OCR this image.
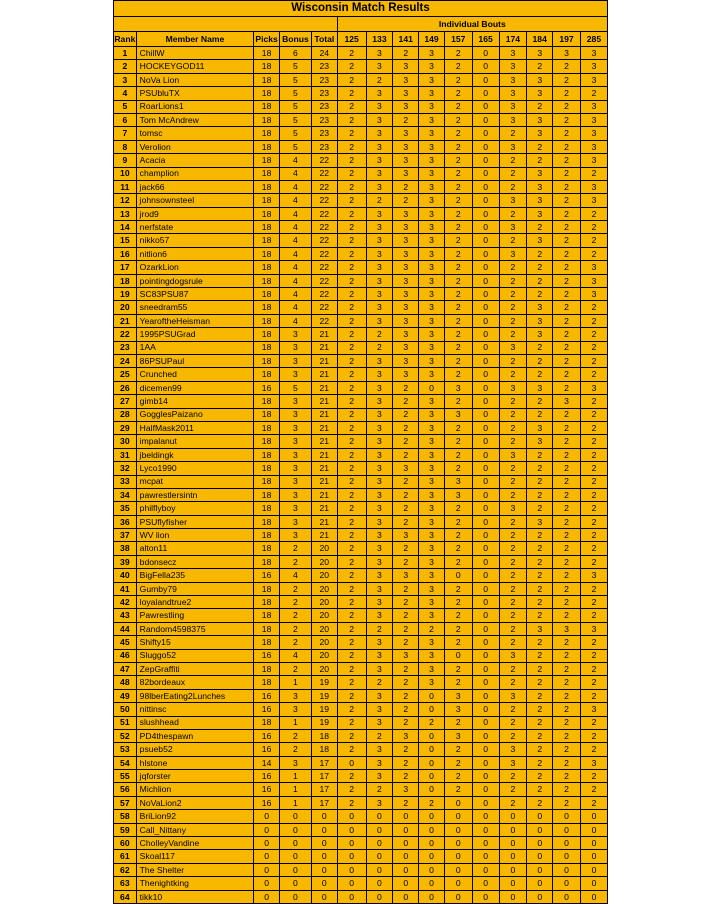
Wisconsin Match Results														
					Individual Bouts									
Rank	Member Name	Picks	Bonus	Total	125	133	141	149	157	165	174	184	197	285
1	ChillW	18	6	24	2	3	2	3	2	0	3	3	3	3
2	HOCKEYGOD11	18	5	23	2	3	3	3	2	0	3	2	2	3
3	NoVa Lion	18	5	23	2	2	3	3	2	0	3	3	2	3
4	PSUbluTX	18	5	23	2	3	3	3	2	0	3	3	2	2
5	RoarLions1	18	5	23	2	3	3	3	2	0	3	2	2	3
6	Tom McAndrew	18	5	23	2	3	2	3	2	0	3	3	2	3
7	tomsc	18	5	23	2	3	3	3	2	0	2	3	2	3
8	Verolion	18	5	23	2	3	3	3	2	0	3	2	2	3
9	Acacia	18	4	22	2	3	3	3	2	0	2	2	2	3
10	champlion	18	4	22	2	3	3	3	2	0	2	3	2	2
11	jack66	18	4	22	2	3	2	3	2	0	2	3	2	3
12	johnsownsteel	18	4	22	2	2	2	3	2	0	3	3	2	3
13	jrod9	18	4	22	2	3	3	3	2	0	2	3	2	2
14	nerfstate	18	4	22	2	3	3	3	2	0	3	2	2	2
15	nikko57	18	4	22	2	3	3	3	2	0	2	3	2	2
16	nitlion6	18	4	22	2	3	3	3	2	0	3	2	2	2
17	OzarkLion	18	4	22	2	3	3	3	2	0	2	2	2	3
18	pointingdogsrule	18	4	22	2	3	3	3	2	0	2	2	2	3
19	SC83PSU87	18	4	22	2	3	3	3	2	0	2	2	2	3
20	sneedram55	18	4	22	2	3	3	3	2	0	2	3	2	2
21	YearoftheHeisman	18	4	22	2	3	3	3	2	0	2	3	2	2
22	1995PSUGrad	18	3	21	2	2	3	3	2	0	2	3	2	2
23	1AA	18	3	21	2	2	3	3	2	0	3	2	2	2
24	86PSUPaul	18	3	21	2	3	3	3	2	0	2	2	2	2
25	Crunched	18	3	21	2	3	3	3	2	0	2	2	2	2
26	dicemen99	16	5	21	2	3	2	0	3	0	3	3	2	3
27	gimb14	18	3	21	2	3	2	3	2	0	2	2	3	2
28	GogglesPaizano	18	3	21	2	3	2	3	3	0	2	2	2	2
29	HalfMask2011	18	3	21	2	3	2	3	2	0	2	3	2	2
30	impalanut	18	3	21	2	3	2	3	2	0	2	3	2	2
31	jbeldingk	18	3	21	2	3	2	3	2	0	3	2	2	2
32	Lyco1990	18	3	21	2	3	3	3	2	0	2	2	2	2
33	mcpat	18	3	21	2	3	2	3	3	0	2	2	2	2
34	pawrestlersintn	18	3	21	2	3	2	3	3	0	2	2	2	2
35	philflyboy	18	3	21	2	3	2	3	2	0	3	2	2	2
36	PSUflyfisher	18	3	21	2	3	2	3	2	0	2	3	2	2
37	WV lion	18	3	21	2	3	3	3	2	0	2	2	2	2
38	alton11	18	2	20	2	3	2	3	2	0	2	2	2	2
39	bdonsecz	18	2	20	2	3	2	3	2	0	2	2	2	2
40	BigFella235	16	4	20	2	3	3	3	0	0	2	2	2	3
41	Gumby79	18	2	20	2	3	2	3	2	0	2	2	2	2
42	loyalandtrue2	18	2	20	2	3	2	3	2	0	2	2	2	2
43	Pawrestling	18	2	20	2	3	2	3	2	0	2	2	2	2
44	Random4598375	18	2	20	2	2	2	2	2	0	2	3	3	3
45	Shifty15	18	2	20	2	3	2	3	2	0	2	2	2	2
46	Sluggo52	16	4	20	2	3	3	3	0	0	3	2	2	2
47	ZepGraffiti	18	2	20	2	3	2	3	2	0	2	2	2	2
48	82bordeaux	18	1	19	2	2	2	3	2	0	2	2	2	2
49	98lberEating2Lunches	16	3	19	2	3	2	0	3	0	3	2	2	2
50	nittinsc	16	3	19	2	3	2	0	3	0	2	2	2	3
51	slushhead	18	1	19	2	3	2	2	2	0	2	2	2	2
52	PD4thespawn	16	2	18	2	2	3	0	3	0	2	2	2	2
53	psueb52	16	2	18	2	3	2	0	2	0	3	2	2	2
54	hlstone	14	3	17	0	3	2	0	2	0	3	2	2	3
55	jqforster	16	1	17	2	3	2	0	2	0	2	2	2	2
56	Michlion	16	1	17	2	2	3	0	2	0	2	2	2	2
57	NoVaLion2	16	1	17	2	3	2	2	0	0	2	2	2	2
58	BriLion92	0	0	0	0	0	0	0	0	0	0	0	0	0
59	Call_Nittany	0	0	0	0	0	0	0	0	0	0	0	0	0
60	CholleyVandine	0	0	0	0	0	0	0	0	0	0	0	0	0
61	Skoal117	0	0	0	0	0	0	0	0	0	0	0	0	0
62	The Shelter	0	0	0	0	0	0	0	0	0	0	0	0	0
63	Thenightking	0	0	0	0	0	0	0	0	0	0	0	0	0
64	tikk10	0	0	0	0	0	0	0	0	0	0	0	0	0
